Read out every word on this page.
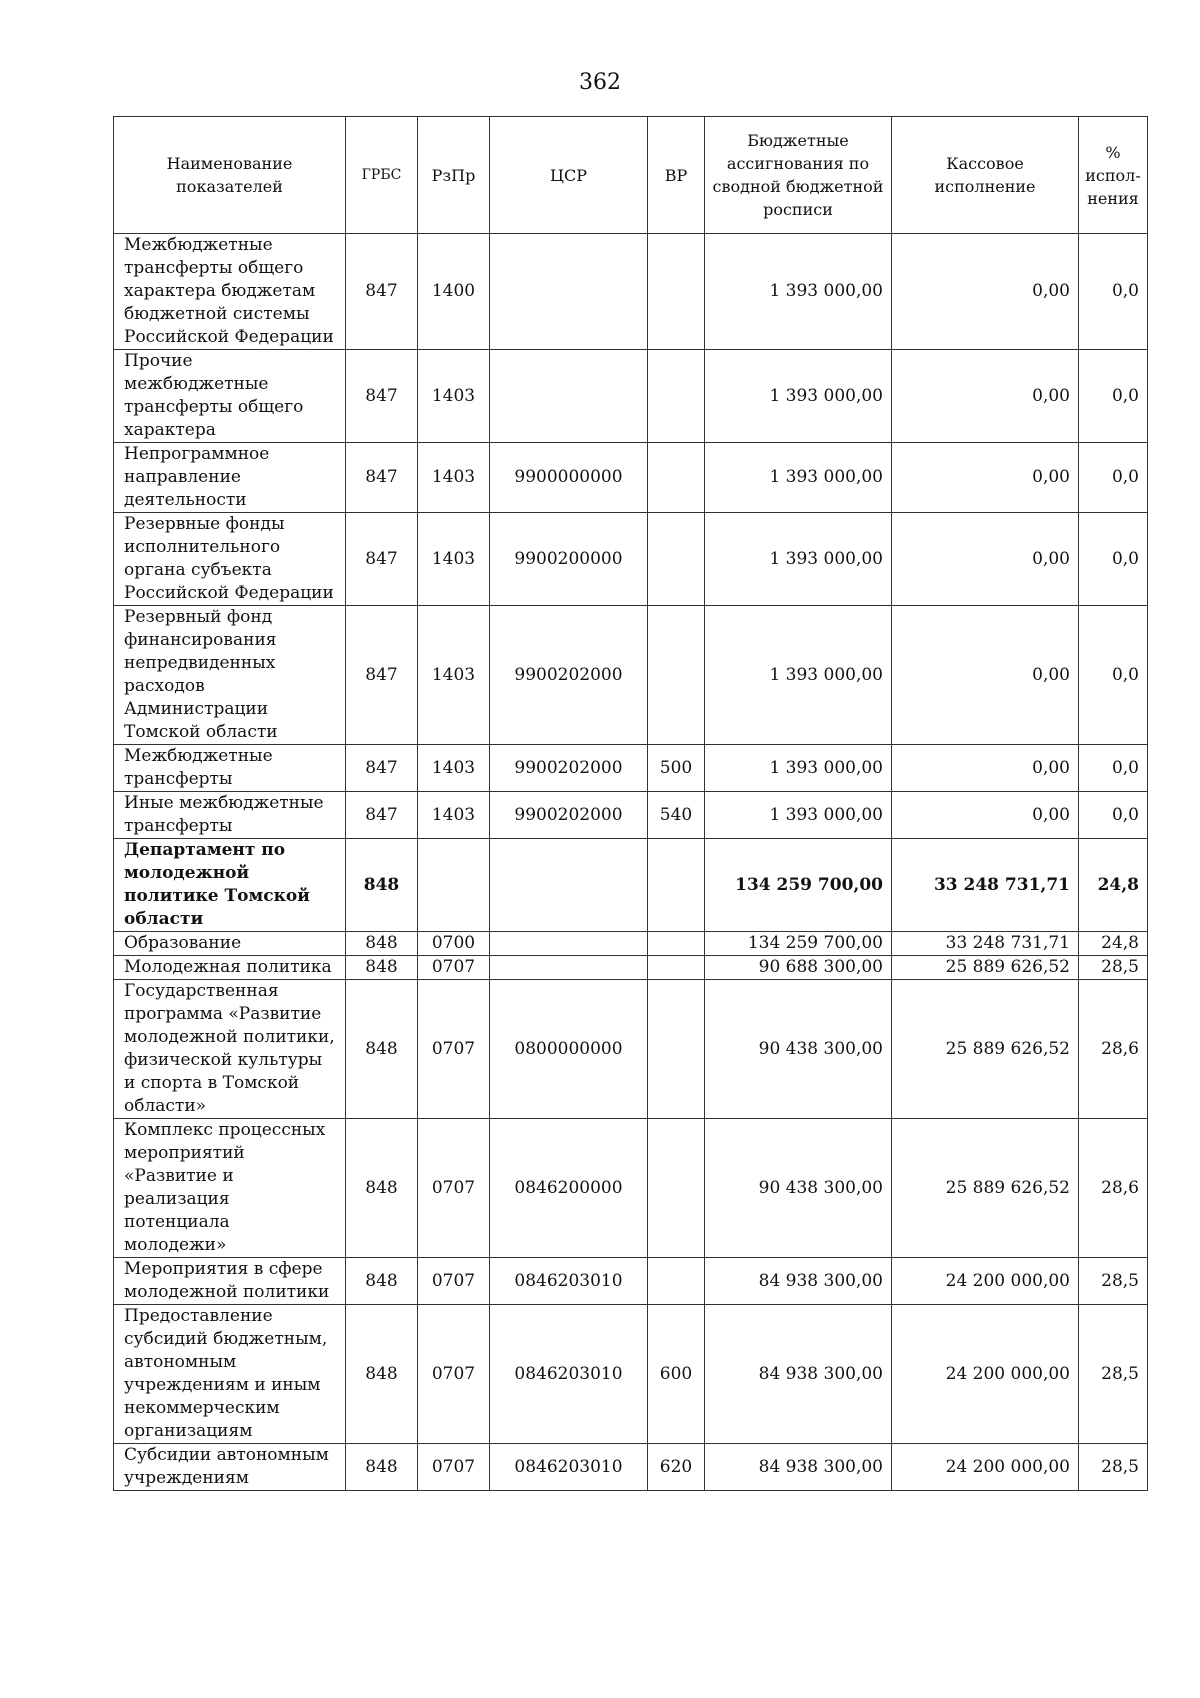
362
Наименование показателей	ГРБС	РзПр	ЦСР	ВР	Бюджетные ассигнования по сводной бюджетной росписи	Кассовое исполнение	% испол-нения
Межбюджетные трансферты общего характера бюджетам бюджетной системы Российской Федерации	847	1400			1 393 000,00	0,00	0,0
Прочие межбюджетные трансферты общего характера	847	1403			1 393 000,00	0,00	0,0
Непрограммное направление деятельности	847	1403	9900000000		1 393 000,00	0,00	0,0
Резервные фонды исполнительного органа субъекта Российской Федерации	847	1403	9900200000		1 393 000,00	0,00	0,0
Резервный фонд финансирования непредвиденных расходов Администрации Томской области	847	1403	9900202000		1 393 000,00	0,00	0,0
Межбюджетные трансферты	847	1403	9900202000	500	1 393 000,00	0,00	0,0
Иные межбюджетные трансферты	847	1403	9900202000	540	1 393 000,00	0,00	0,0
Департамент по молодежной политике Томской области	848				134 259 700,00	33 248 731,71	24,8
Образование	848	0700			134 259 700,00	33 248 731,71	24,8
Молодежная политика	848	0707			90 688 300,00	25 889 626,52	28,5
Государственная программа «Развитие молодежной политики, физической культуры и спорта в Томской области»	848	0707	0800000000		90 438 300,00	25 889 626,52	28,6
Комплекс процессных мероприятий «Развитие и реализация потенциала молодежи»	848	0707	0846200000		90 438 300,00	25 889 626,52	28,6
Мероприятия в сфере молодежной политики	848	0707	0846203010		84 938 300,00	24 200 000,00	28,5
Предоставление субсидий бюджетным, автономным учреждениям и иным некоммерческим организациям	848	0707	0846203010	600	84 938 300,00	24 200 000,00	28,5
Субсидии автономным учреждениям	848	0707	0846203010	620	84 938 300,00	24 200 000,00	28,5
